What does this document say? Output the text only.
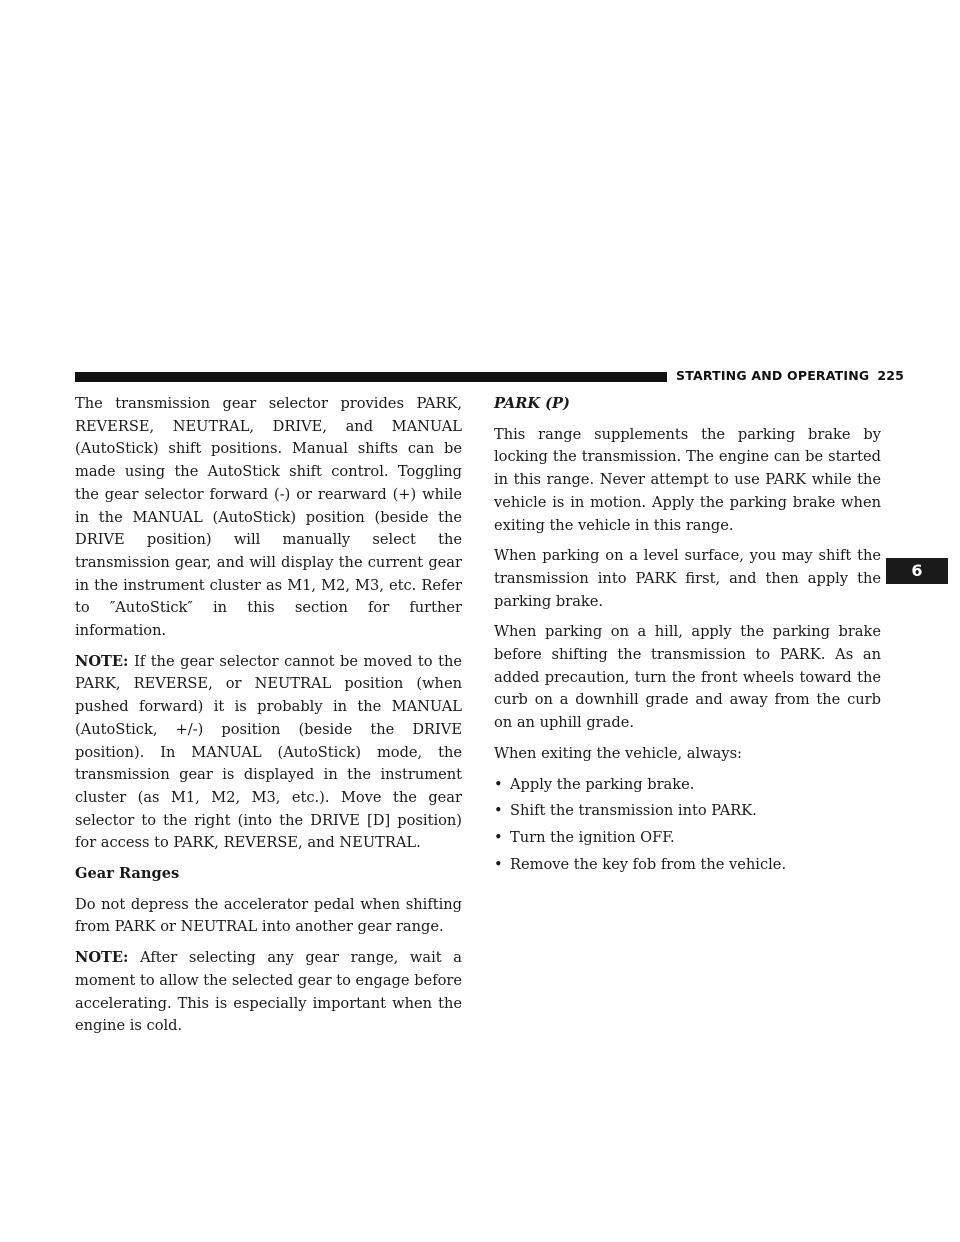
STARTING AND OPERATING 225
6

The transmission gear selector provides PARK, REVERSE, NEUTRAL, DRIVE, and MANUAL (AutoStick) shift positions. Manual shifts can be made using the AutoStick shift control. Toggling the gear selector forward (-) or rearward (+) while in the MANUAL (AutoStick) position (beside the DRIVE position) will manually select the transmission gear, and will display the current gear in the instrument cluster as M1, M2, M3, etc. Refer to ″AutoStick″ in this section for further information.

NOTE: If the gear selector cannot be moved to the PARK, REVERSE, or NEUTRAL position (when pushed forward) it is probably in the MANUAL (AutoStick, +/-) position (beside the DRIVE position). In MANUAL (AutoStick) mode, the transmission gear is displayed in the instrument cluster (as M1, M2, M3, etc.). Move the gear selector to the right (into the DRIVE [D] position) for access to PARK, REVERSE, and NEUTRAL.

Gear Ranges

Do not depress the accelerator pedal when shifting from PARK or NEUTRAL into another gear range.

NOTE: After selecting any gear range, wait a moment to allow the selected gear to engage before accelerating. This is especially important when the engine is cold.

PARK (P)

This range supplements the parking brake by locking the transmission. The engine can be started in this range. Never attempt to use PARK while the vehicle is in motion. Apply the parking brake when exiting the vehicle in this range.

When parking on a level surface, you may shift the transmission into PARK first, and then apply the parking brake.

When parking on a hill, apply the parking brake before shifting the transmission to PARK. As an added precaution, turn the front wheels toward the curb on a downhill grade and away from the curb on an uphill grade.

When exiting the vehicle, always:

• Apply the parking brake.
• Shift the transmission into PARK.
• Turn the ignition OFF.
• Remove the key fob from the vehicle.
